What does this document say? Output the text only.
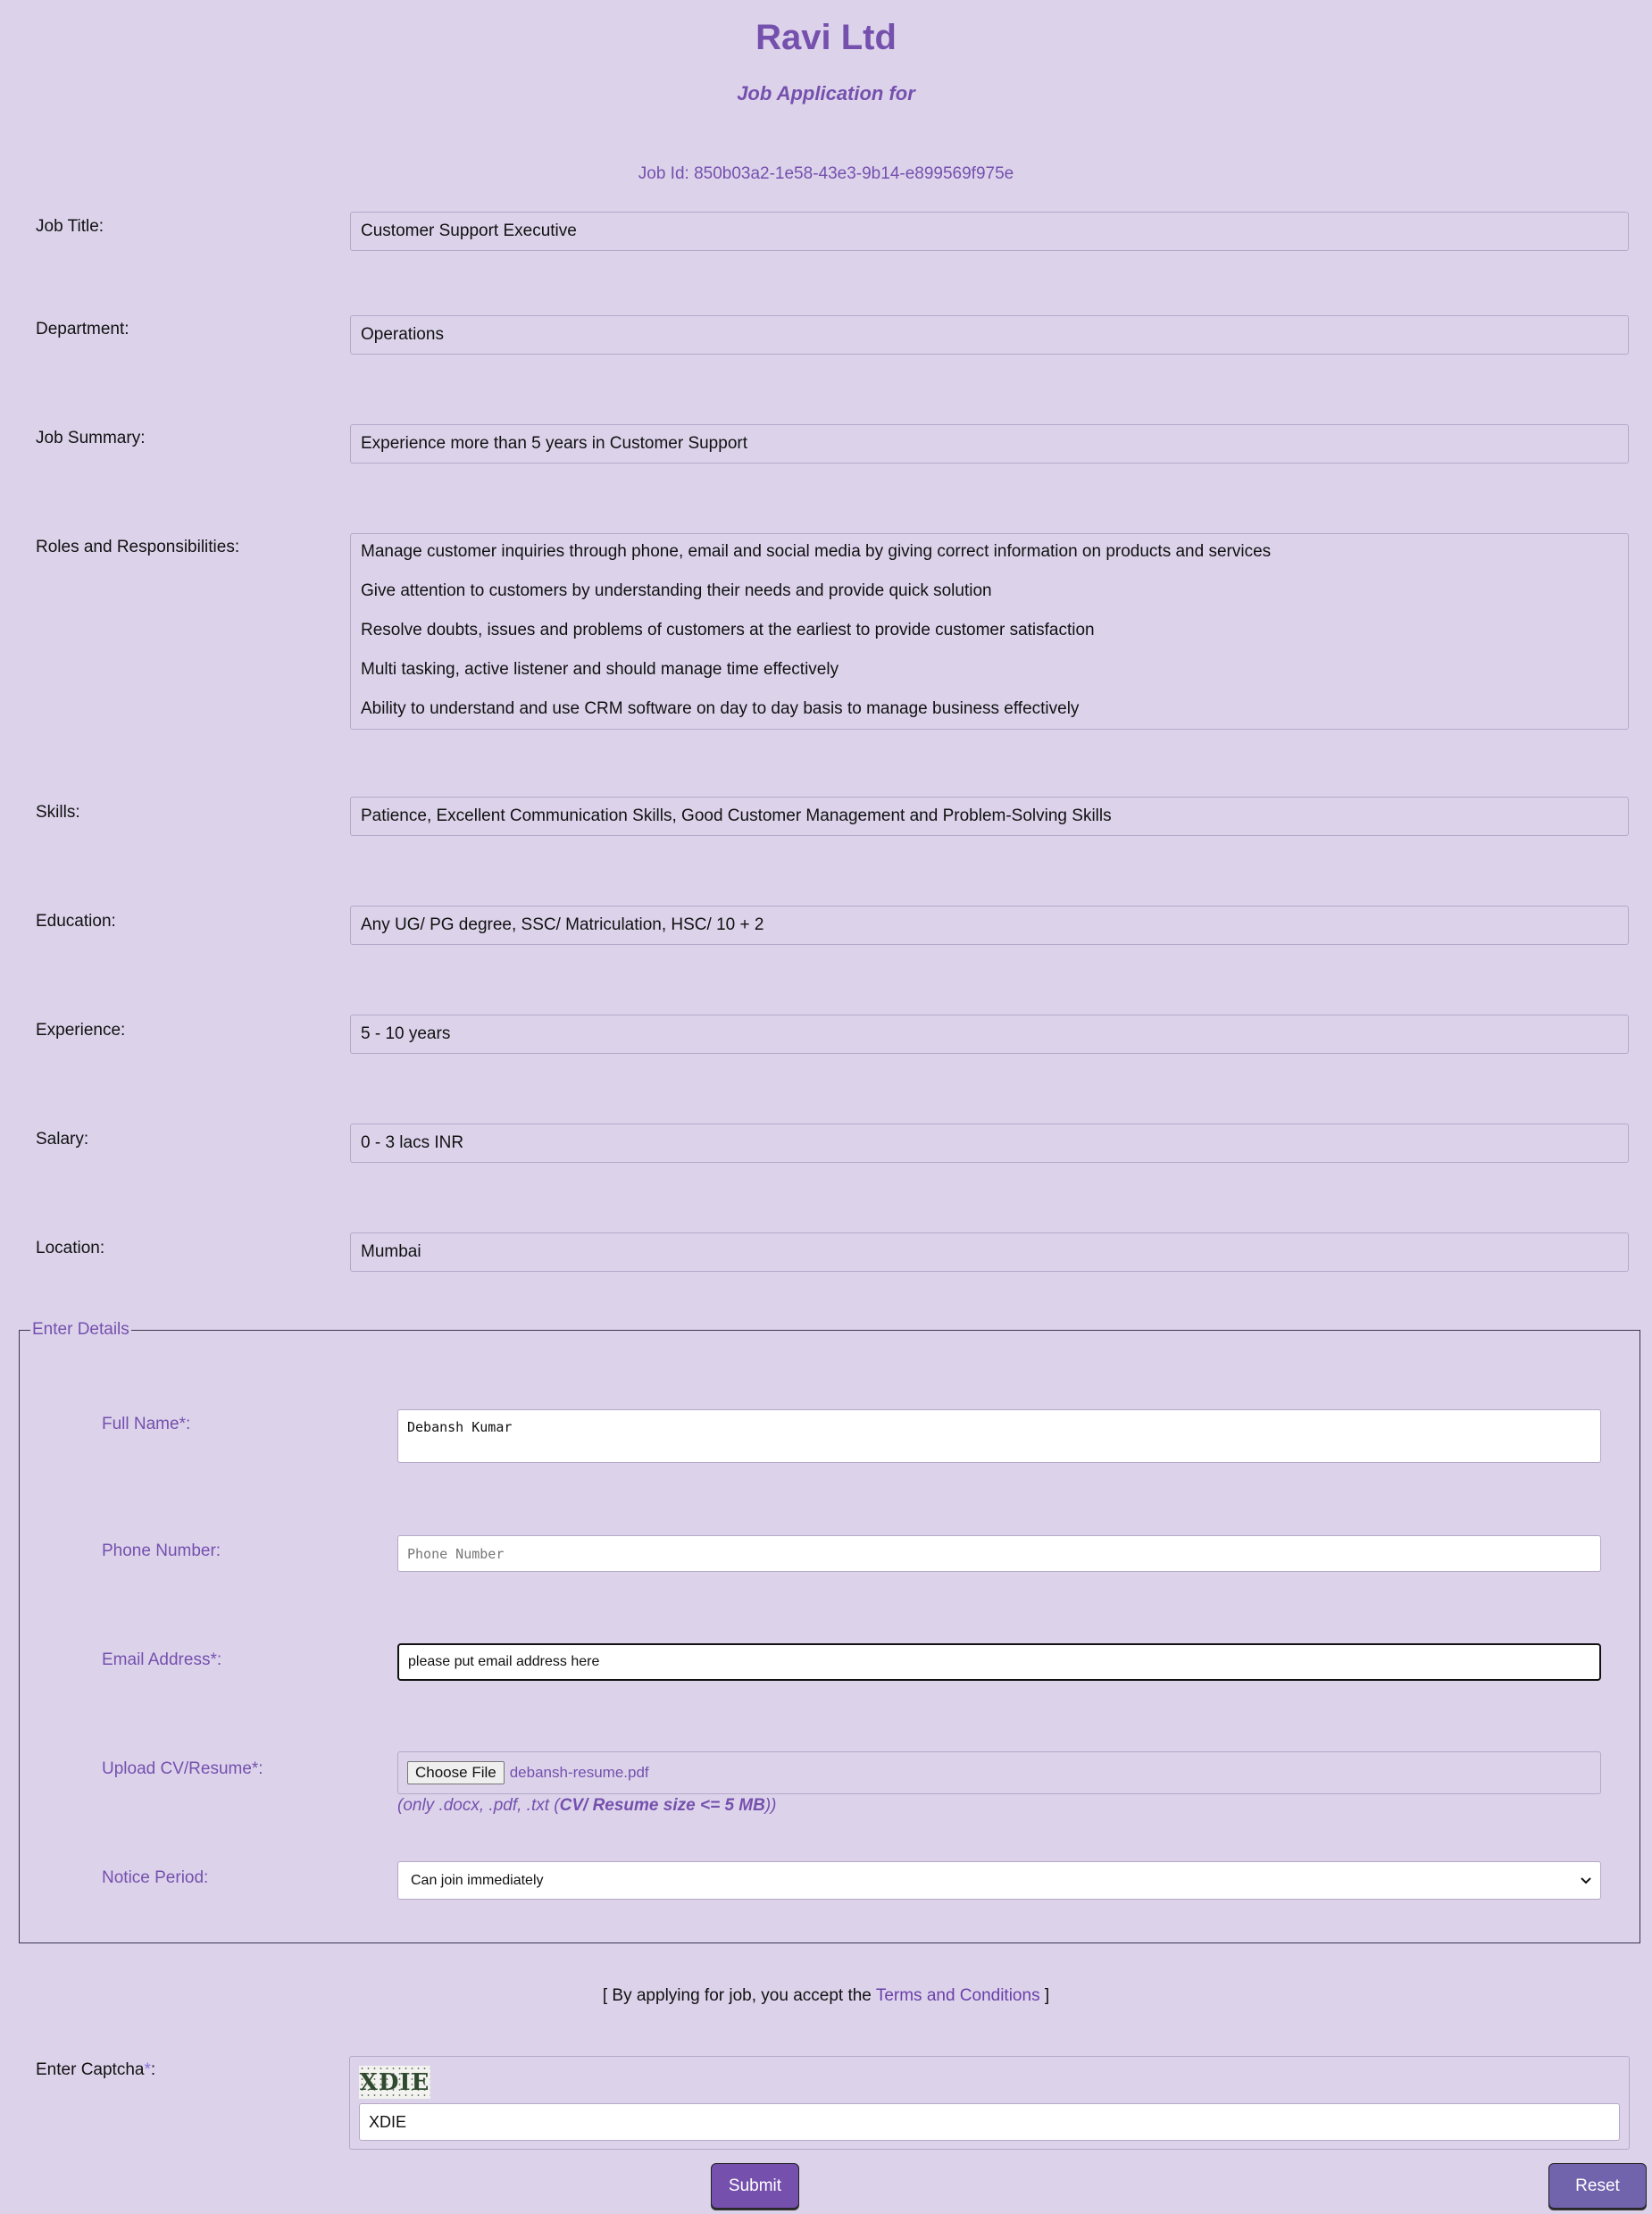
Ravi Ltd
Job Application for
Job Id: 850b03a2-1e58-43e3-9b14-e899569f975e
Job Title:	Customer Support Executive
Department:	Operations
Job Summary:	Experience more than 5 years in Customer Support
Roles and Responsibilities:	Manage customer inquiries through phone, email and social media by giving correct information on products and services
Give attention to customers by understanding their needs and provide quick solution
Resolve doubts, issues and problems of customers at the earliest to provide customer satisfaction
Multi tasking, active listener and should manage time effectively
Ability to understand and use CRM software on day to day basis to manage business effectively
Skills:	Patience, Excellent Communication Skills, Good Customer Management and Problem-Solving Skills
Education:	Any UG/ PG degree, SSC/ Matriculation, HSC/ 10 + 2
Experience:	5 - 10 years
Salary:	0 - 3 lacs INR
Location:	Mumbai
Enter Details
Full Name*:	Debansh Kumar
Phone Number:	Phone Number
Email Address*:	please put email address here
Upload CV/Resume*:	Choose File debansh-resume.pdf
(only .docx, .pdf, .txt (CV/ Resume size <= 5 MB))
Notice Period:	Can join immediately
[ By applying for job, you accept the Terms and Conditions ]
Enter Captcha*:	XDIE
XDIE
Submit	Reset
